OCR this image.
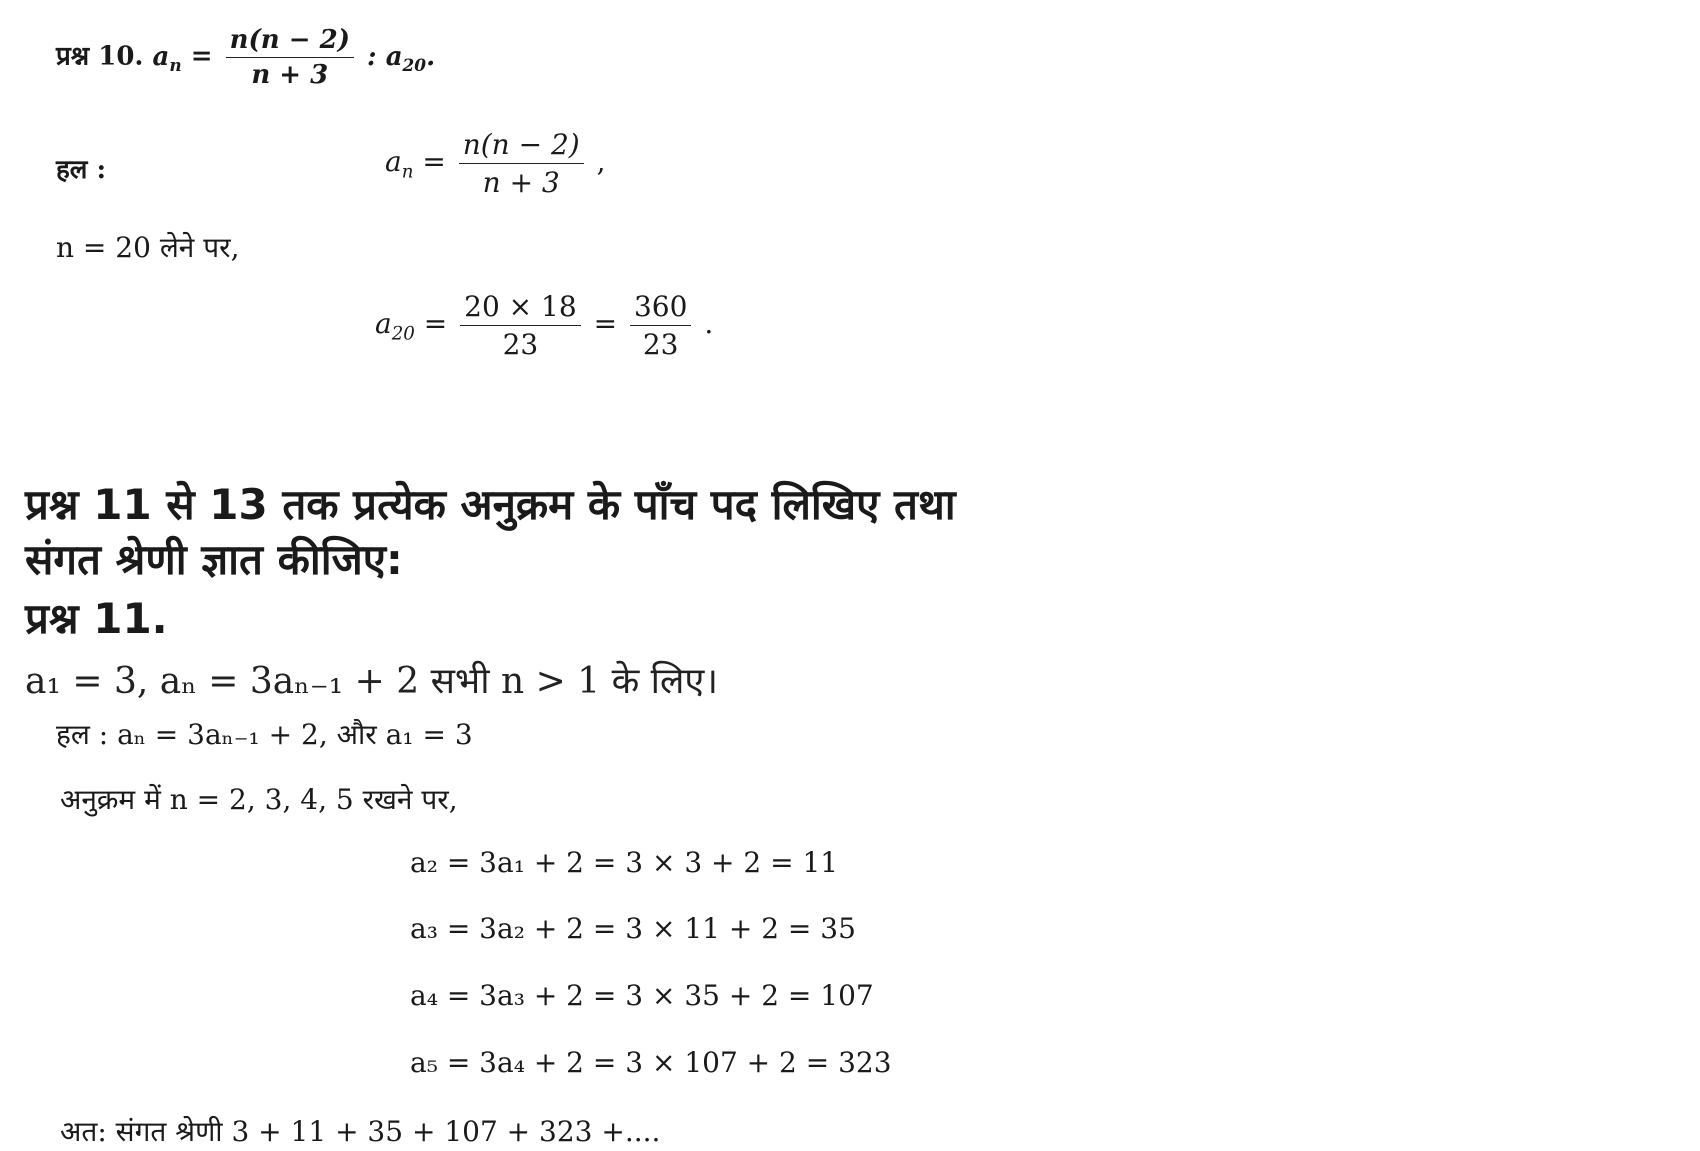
प्रश्न 10. $a_n = \frac{n(n - 2)}{n + 3}$ : $a_{20}$.
हल :	$a_n = \frac{n(n - 2)}{n + 3}$ ,
n = 20 लेने पर,
$a_{20} = \frac{20 \times 18}{23} = \frac{360}{23}$ .
प्रश्न 11 से 13 तक प्रत्येक अनुक्रम के पाँच पद लिखिए तथा
संगत श्रेणी ज्ञात कीजिए:
प्रश्न 11.
a₁ = 3, aₙ = 3aₙ₋₁ + 2 सभी n > 1 के लिए।
हल : aₙ = 3aₙ₋₁ + 2, और a₁ = 3
अनुक्रम में n = 2, 3, 4, 5 रखने पर,
a₂ = 3a₁ + 2 = 3 × 3 + 2 = 11
a₃ = 3a₂ + 2 = 3 × 11 + 2 = 35
a₄ = 3a₃ + 2 = 3 × 35 + 2 = 107
a₅ = 3a₄ + 2 = 3 × 107 + 2 = 323
अत: संगत श्रेणी 3 + 11 + 35 + 107 + 323 +....
